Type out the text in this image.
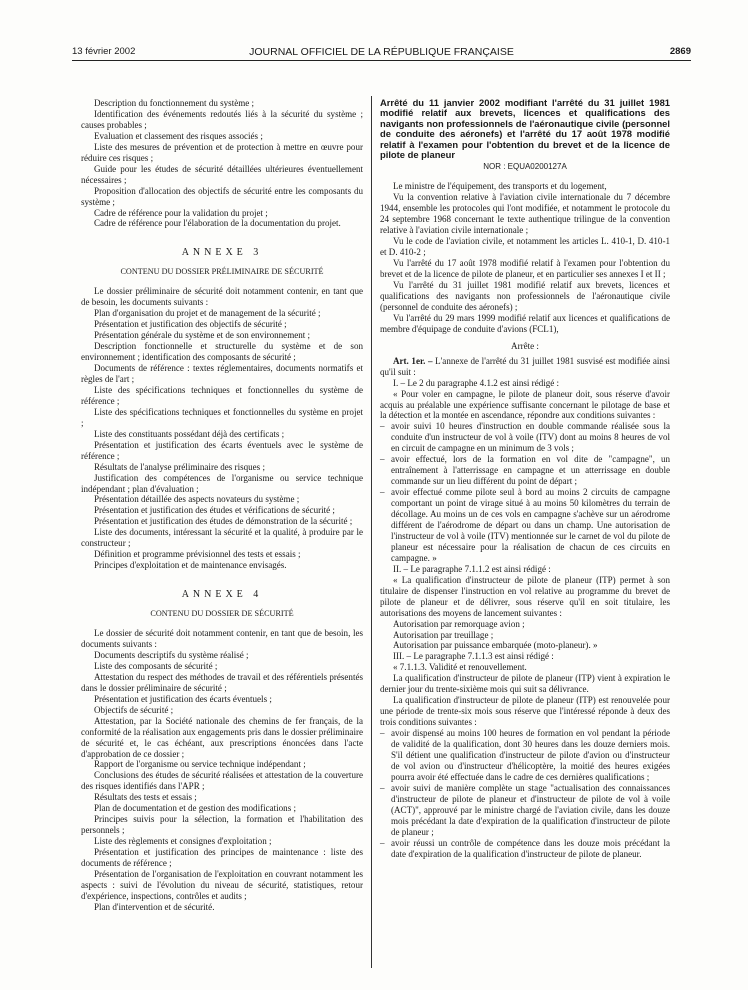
13 février 2002	JOURNAL OFFICIEL DE LA RÉPUBLIQUE FRANÇAISE	2869

Description du fonctionnement du système ;

Identification des événements redoutés liés à la sécurité du système ; causes probables ;

Evaluation et classement des risques associés ;

Liste des mesures de prévention et de protection à mettre en œuvre pour réduire ces risques ;

Guide pour les études de sécurité détaillées ultérieures éventuellement nécessaires ;

Proposition d'allocation des objectifs de sécurité entre les composants du système ;

Cadre de référence pour la validation du projet ;

Cadre de référence pour l'élaboration de la documentation du projet.

ANNEXE 3
CONTENU DU DOSSIER PRÉLIMINAIRE DE SÉCURITÉ

Le dossier préliminaire de sécurité doit notamment contenir, en tant que de besoin, les documents suivants :

Plan d'organisation du projet et de management de la sécurité ;

Présentation et justification des objectifs de sécurité ;

Présentation générale du système et de son environnement ;

Description fonctionnelle et structurelle du système et de son environnement ; identification des composants de sécurité ;

Documents de référence : textes réglementaires, documents normatifs et règles de l'art ;

Liste des spécifications techniques et fonctionnelles du système de référence ;

Liste des spécifications techniques et fonctionnelles du système en projet ;

Liste des constituants possédant déjà des certificats ;

Présentation et justification des écarts éventuels avec le système de référence ;

Résultats de l'analyse préliminaire des risques ;

Justification des compétences de l'organisme ou service technique indépendant ; plan d'évaluation ;

Présentation détaillée des aspects novateurs du système ;

Présentation et justification des études et vérifications de sécurité ;

Présentation et justification des études de démonstration de la sécurité ;

Liste des documents, intéressant la sécurité et la qualité, à produire par le constructeur ;

Définition et programme prévisionnel des tests et essais ;

Principes d'exploitation et de maintenance envisagés.

ANNEXE 4
CONTENU DU DOSSIER DE SÉCURITÉ

Le dossier de sécurité doit notamment contenir, en tant que de besoin, les documents suivants :

Documents descriptifs du système réalisé ;

Liste des composants de sécurité ;

Attestation du respect des méthodes de travail et des référentiels présentés dans le dossier préliminaire de sécurité ;

Présentation et justification des écarts éventuels ;

Objectifs de sécurité ;

Attestation, par la Société nationale des chemins de fer français, de la conformité de la réalisation aux engagements pris dans le dossier préliminaire de sécurité et, le cas échéant, aux prescriptions énoncées dans l'acte d'approbation de ce dossier ;

Rapport de l'organisme ou service technique indépendant ;

Conclusions des études de sécurité réalisées et attestation de la couverture des risques identifiés dans l'APR ;

Résultats des tests et essais ;

Plan de documentation et de gestion des modifications ;

Principes suivis pour la sélection, la formation et l'habilitation des personnels ;

Liste des règlements et consignes d'exploitation ;

Présentation et justification des principes de maintenance : liste des documents de référence ;

Présentation de l'organisation de l'exploitation en couvrant notamment les aspects : suivi de l'évolution du niveau de sécurité, statistiques, retour d'expérience, inspections, contrôles et audits ;

Plan d'intervention et de sécurité.

Arrêté du 11 janvier 2002 modifiant l'arrêté du 31 juillet 1981 modifié relatif aux brevets, licences et qualifications des navigants non professionnels de l'aéronautique civile (personnel de conduite des aéronefs) et l'arrêté du 17 août 1978 modifié relatif à l'examen pour l'obtention du brevet et de la licence de pilote de planeur
NOR : EQUA0200127A

Le ministre de l'équipement, des transports et du logement,

Vu la convention relative à l'aviation civile internationale du 7 décembre 1944, ensemble les protocoles qui l'ont modifiée, et notamment le protocole du 24 septembre 1968 concernant le texte authentique trilingue de la convention relative à l'aviation civile internationale ;

Vu le code de l'aviation civile, et notamment les articles L. 410-1, D. 410-1 et D. 410-2 ;

Vu l'arrêté du 17 août 1978 modifié relatif à l'examen pour l'obtention du brevet et de la licence de pilote de planeur, et en particulier ses annexes I et II ;

Vu l'arrêté du 31 juillet 1981 modifié relatif aux brevets, licences et qualifications des navigants non professionnels de l'aéronautique civile (personnel de conduite des aéronefs) ;

Vu l'arrêté du 29 mars 1999 modifié relatif aux licences et qualifications de membre d'équipage de conduite d'avions (FCL1),

Arrête :

Art. 1er. – L'annexe de l'arrêté du 31 juillet 1981 susvisé est modifiée ainsi qu'il suit :

I. – Le 2 du paragraphe 4.1.2 est ainsi rédigé :

« Pour voler en campagne, le pilote de planeur doit, sous réserve d'avoir acquis au préalable une expérience suffisante concernant le pilotage de base et la détection et la montée en ascendance, répondre aux conditions suivantes :

– avoir suivi 10 heures d'instruction en double commande réalisée sous la conduite d'un instructeur de vol à voile (ITV) dont au moins 8 heures de vol en circuit de campagne en un minimum de 3 vols ;
– avoir effectué, lors de la formation en vol dite de "campagne", un entraînement à l'atterrissage en campagne et un atterrissage en double commande sur un lieu différent du point de départ ;
– avoir effectué comme pilote seul à bord au moins 2 circuits de campagne comportant un point de virage situé à au moins 50 kilomètres du terrain de décollage. Au moins un de ces vols en campagne s'achève sur un aérodrome différent de l'aérodrome de départ ou dans un champ. Une autorisation de l'instructeur de vol à voile (ITV) mentionnée sur le carnet de vol du pilote de planeur est nécessaire pour la réalisation de chacun de ces circuits en campagne. »

II. – Le paragraphe 7.1.1.2 est ainsi rédigé :

« La qualification d'instructeur de pilote de planeur (ITP) permet à son titulaire de dispenser l'instruction en vol relative au programme du brevet de pilote de planeur et de délivrer, sous réserve qu'il en soit titulaire, les autorisations des moyens de lancement suivantes :

Autorisation par remorquage avion ;

Autorisation par treuillage ;

Autorisation par puissance embarquée (moto-planeur). »

III. – Le paragraphe 7.1.1.3 est ainsi rédigé :

« 7.1.1.3. Validité et renouvellement.

La qualification d'instructeur de pilote de planeur (ITP) vient à expiration le dernier jour du trente-sixième mois qui suit sa délivrance.

La qualification d'instructeur de pilote de planeur (ITP) est renouvelée pour une période de trente-six mois sous réserve que l'intéressé réponde à deux des trois conditions suivantes :

– avoir dispensé au moins 100 heures de formation en vol pendant la période de validité de la qualification, dont 30 heures dans les douze derniers mois. S'il détient une qualification d'instructeur de pilote d'avion ou d'instructeur de vol avion ou d'instructeur d'hélicoptère, la moitié des heures exigées pourra avoir été effectuée dans le cadre de ces dernières qualifications ;
– avoir suivi de manière complète un stage "actualisation des connaissances d'instructeur de pilote de planeur et d'instructeur de pilote de vol à voile (ACT)", approuvé par le ministre chargé de l'aviation civile, dans les douze mois précédant la date d'expiration de la qualification d'instructeur de pilote de planeur ;
– avoir réussi un contrôle de compétence dans les douze mois précédant la date d'expiration de la qualification d'instructeur de pilote de planeur.
